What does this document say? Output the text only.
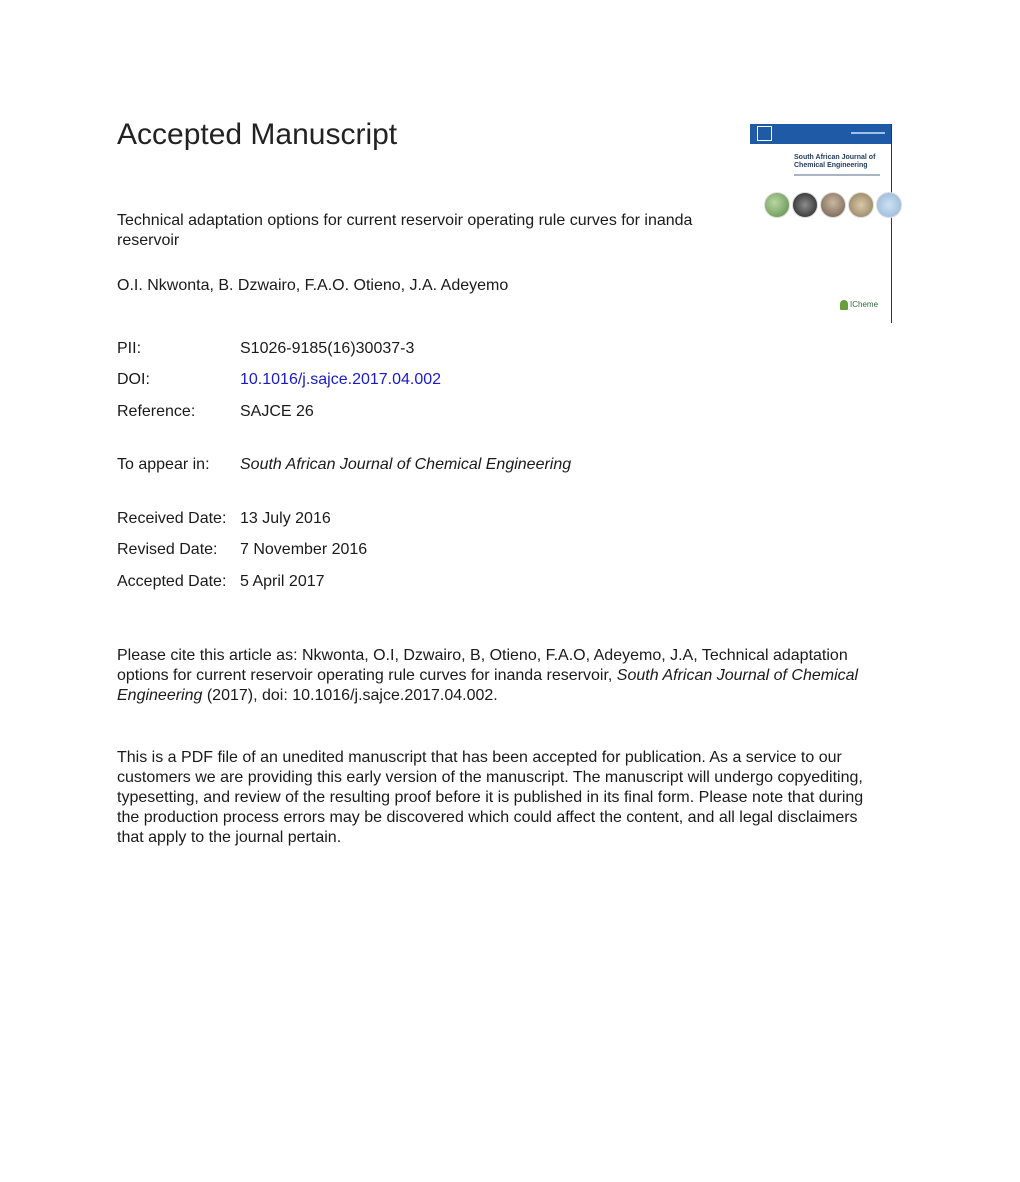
Accepted Manuscript
South African Journal of Chemical Engineering
ICheme
Technical adaptation options for current reservoir operating rule curves for inanda reservoir
O.I. Nkwonta, B. Dzwairo, F.A.O. Otieno, J.A. Adeyemo
PII:	S1026-9185(16)30037-3
DOI:	10.1016/j.sajce.2017.04.002
Reference:	SAJCE 26
To appear in: South African Journal of Chemical Engineering
Received Date: 13 July 2016
Revised Date: 7 November 2016
Accepted Date: 5 April 2017
Please cite this article as: Nkwonta, O.I, Dzwairo, B, Otieno, F.A.O, Adeyemo, J.A, Technical adaptation options for current reservoir operating rule curves for inanda reservoir, South African Journal of Chemical Engineering (2017), doi: 10.1016/j.sajce.2017.04.002.
This is a PDF file of an unedited manuscript that has been accepted for publication. As a service to our customers we are providing this early version of the manuscript. The manuscript will undergo copyediting, typesetting, and review of the resulting proof before it is published in its final form. Please note that during the production process errors may be discovered which could affect the content, and all legal disclaimers that apply to the journal pertain.
